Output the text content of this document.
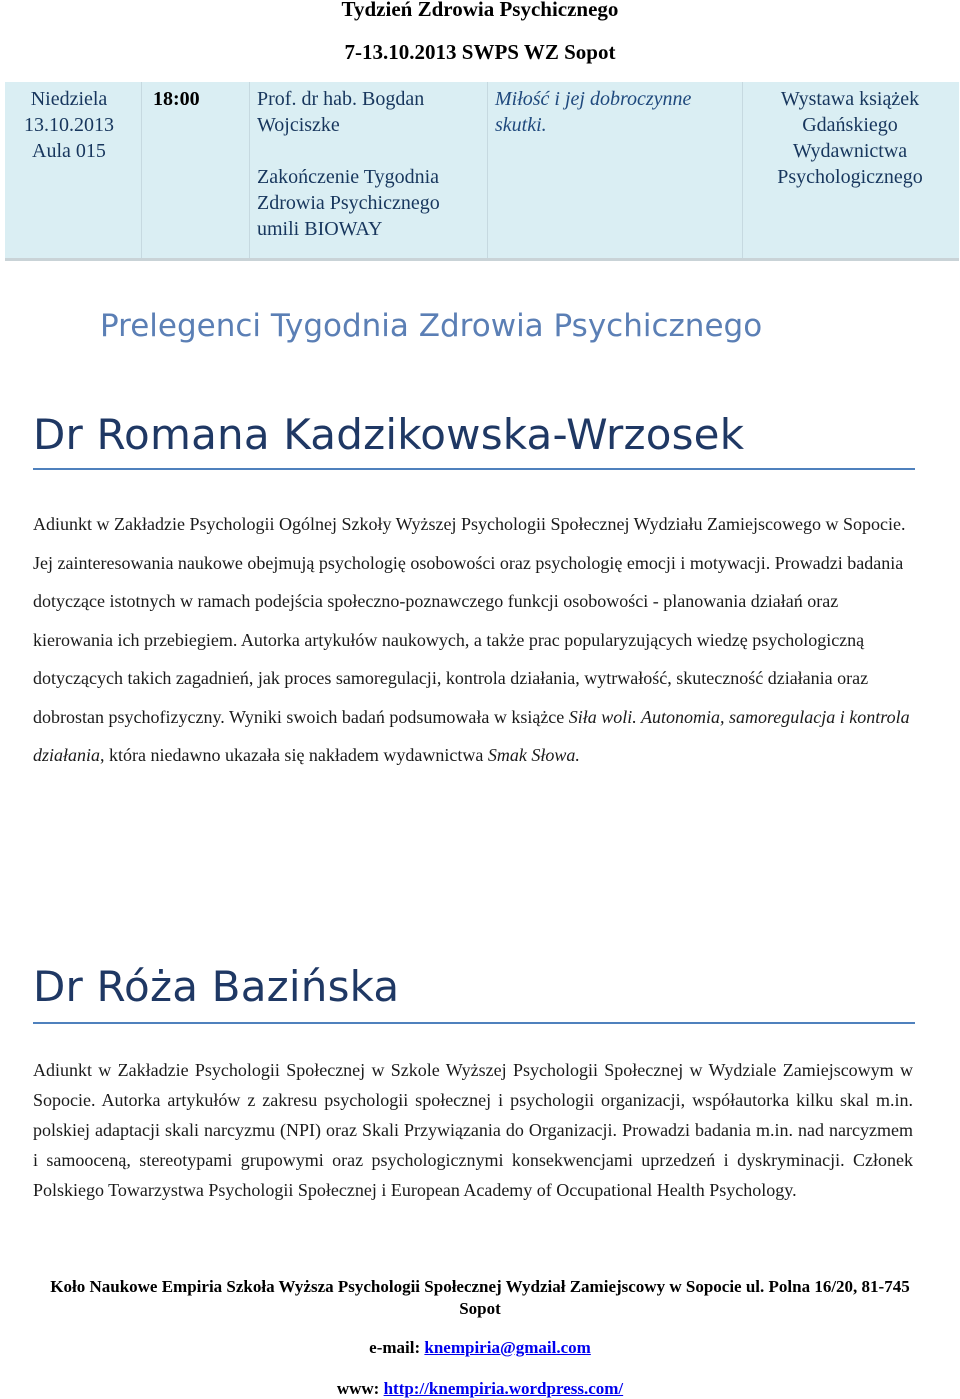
Tydzień Zdrowia Psychicznego
7-13.10.2013 SWPS WZ Sopot
Niedziela
13.10.2013
Aula 015
18:00	Prof. dr hab. Bogdan
Wojciszke
Zakończenie Tygodnia
Zdrowia Psychicznego
umili BIOWAY
Miłość i jej dobroczynne
skutki.
Wystawa książek
Gdańskiego
Wydawnictwa
Psychologicznego
Prelegenci Tygodnia Zdrowia Psychicznego
Dr Romana Kadzikowska-Wrzosek
Adiunkt w Zakładzie Psychologii Ogólnej Szkoły Wyższej Psychologii Społecznej Wydziału Zamiejscowego w Sopocie. Jej zainteresowania naukowe obejmują psychologię osobowości oraz psychologię emocji i motywacji. Prowadzi badania dotyczące istotnych w ramach podejścia społeczno-poznawczego funkcji osobowości - planowania działań oraz kierowania ich przebiegiem. Autorka artykułów naukowych, a także prac popularyzujących wiedzę psychologiczną dotyczących takich zagadnień, jak proces samoregulacji, kontrola działania, wytrwałość, skuteczność działania oraz dobrostan psychofizyczny. Wyniki swoich badań podsumowała w książce Siła woli. Autonomia, samoregulacja i kontrola działania, która niedawno ukazała się nakładem wydawnictwa Smak Słowa.
Dr Róża Bazińska
Adiunkt w Zakładzie Psychologii Społecznej w Szkole Wyższej Psychologii Społecznej w Wydziale Zamiejscowym w Sopocie. Autorka artykułów z zakresu psychologii społecznej i psychologii organizacji, współautorka kilku skal m.in. polskiej adaptacji skali narcyzmu (NPI) oraz Skali Przywiązania do Organizacji. Prowadzi badania m.in. nad narcyzmem i samooceną, stereotypami grupowymi oraz psychologicznymi konsekwencjami uprzedzeń i dyskryminacji. Członek Polskiego Towarzystwa Psychologii Społecznej i European Academy of Occupational Health Psychology.
Koło Naukowe Empiria Szkoła Wyższa Psychologii Społecznej Wydział Zamiejscowy w Sopocie ul. Polna 16/20, 81-745 Sopot
e-mail: knempiria@gmail.com
www: http://knempiria.wordpress.com/
